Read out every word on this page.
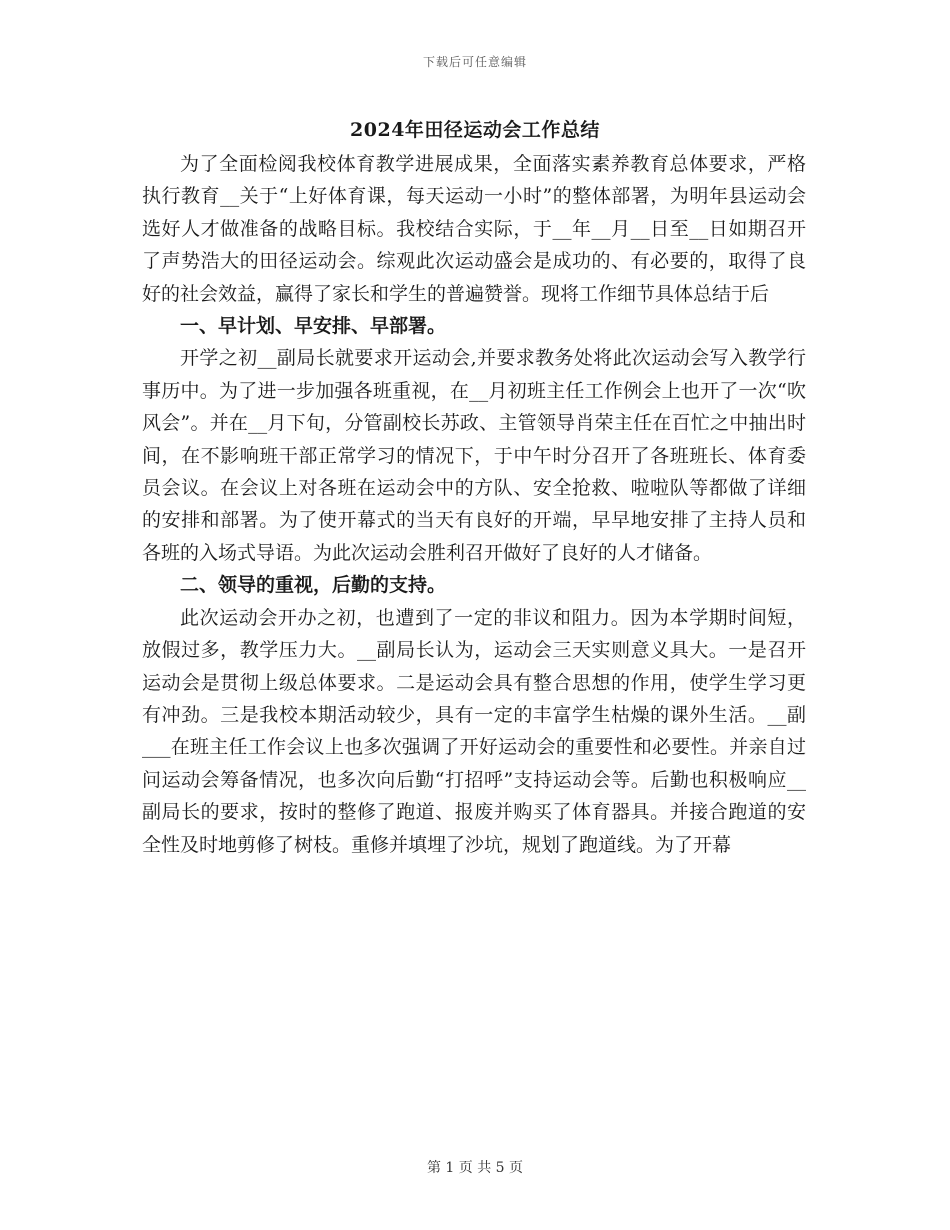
下载后可任意编辑
2024年田径运动会工作总结

为了全面检阅我校体育教学进展成果，全面落实素养教育总体要求，严格执行教育__关于“上好体育课，每天运动一小时”的整体部署，为明年县运动会选好人才做准备的战略目标。我校结合实际，于__年__月__日至__日如期召开了声势浩大的田径运动会。综观此次运动盛会是成功的、有必要的，取得了良好的社会效益，赢得了家长和学生的普遍赞誉。现将工作细节具体总结于后

一、早计划、早安排、早部署。

开学之初__副局长就要求开运动会,并要求教务处将此次运动会写入教学行事历中。为了进一步加强各班重视，在__月初班主任工作例会上也开了一次“吹风会”。并在__月下旬，分管副校长苏政、主管领导肖荣主任在百忙之中抽出时间，在不影响班干部正常学习的情况下，于中午时分召开了各班班长、体育委员会议。在会议上对各班在运动会中的方队、安全抢救、啦啦队等都做了详细的安排和部署。为了使开幕式的当天有良好的开端，早早地安排了主持人员和各班的入场式导语。为此次运动会胜利召开做好了良好的人才储备。

二、领导的重视，后勤的支持。

此次运动会开办之初，也遭到了一定的非议和阻力。因为本学期时间短，放假过多，教学压力大。__副局长认为，运动会三天实则意义具大。一是召开运动会是贯彻上级总体要求。二是运动会具有整合思想的作用，使学生学习更有冲劲。三是我校本期活动较少，具有一定的丰富学生枯燥的课外生活。__副___在班主任工作会议上也多次强调了开好运动会的重要性和必要性。并亲自过问运动会筹备情况，也多次向后勤“打招呼”支持运动会等。后勤也积极响应__副局长的要求，按时的整修了跑道、报废并购买了体育器具。并接合跑道的安全性及时地剪修了树枝。重修并填埋了沙坑，规划了跑道线。为了开幕

第 1 页 共 5 页
